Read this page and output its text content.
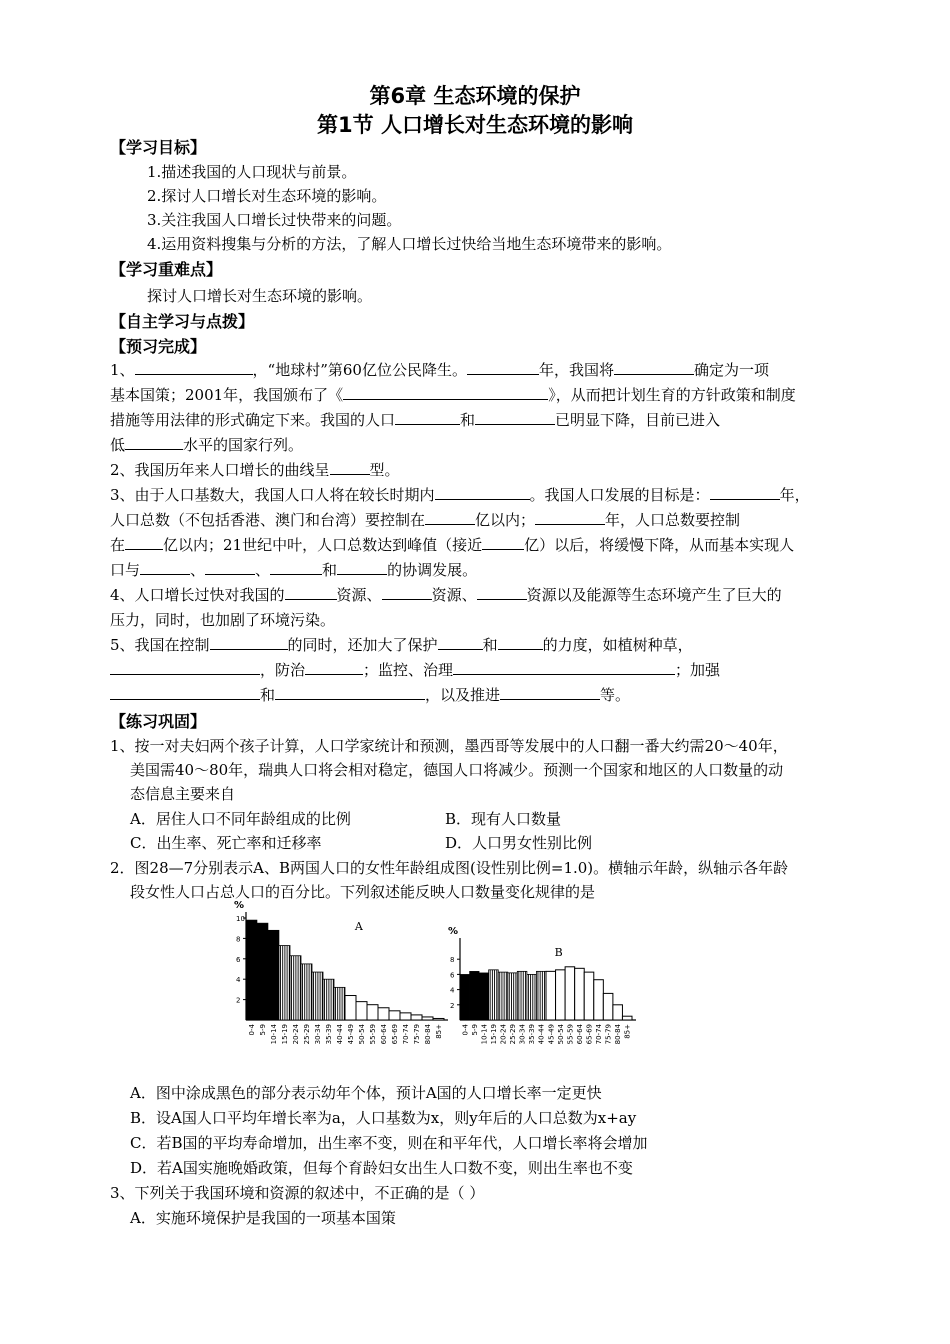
第6章 生态环境的保护
第1节 人口增长对生态环境的影响
【学习目标】
1.描述我国的人口现状与前景。
2.探讨人口增长对生态环境的影响。
3.关注我国人口增长过快带来的问题。
4.运用资料搜集与分析的方法，了解人口增长过快给当地生态环境带来的影响。
【学习重难点】
探讨人口增长对生态环境的影响。
【自主学习与点拨】
【预习完成】
1、	，“地球村”第60亿位公民降生。	年，我国将	确定为一项
基本国策；2001年，我国颁布了《	》，从而把计划生育的方针政策和制度
措施等用法律的形式确定下来。我国的人口	和	已明显下降，目前已进入
低	水平的国家行列。
2、我国历年来人口增长的曲线呈	型。
3、由于人口基数大，我国人口人将在较长时期内	。我国人口发展的目标是：	年，
人口总数（不包括香港、澳门和台湾）要控制在	亿以内；	年，人口总数要控制
在	亿以内；21世纪中叶，人口总数达到峰值（接近	亿）以后，将缓慢下降，从而基本实现人
口与	、	、	和	的协调发展。
4、人口增长过快对我国的	资源、	资源、	资源以及能源等生态环境产生了巨大的
压力，同时，也加剧了环境污染。
5、我国在控制	的同时，还加大了保护	和	的力度，如植树种草，
，防治	；监控、治理	；加强
和	，以及推进	等。
【练习巩固】
1、按一对夫妇两个孩子计算，人口学家统计和预测，墨西哥等发展中的人口翻一番大约需20～40年，
美国需40～80年，瑞典人口将会相对稳定，德国人口将减少。预测一个国家和地区的人口数量的动
态信息主要来自
A．居住人口不同年龄组成的比例	B．现有人口数量
C．出生率、死亡率和迁移率	D．人口男女性别比例
2．图28—7分别表示A、B两国人口的女性年龄组成图(设性别比例=1.0)。横轴示年龄，纵轴示各年龄
段女性人口占总人口的百分比。下列叙述能反映人口数量变化规律的是
%
10
8
6
4
2
0-4 5-9 10-14 15-19 20-24 25-29 30-34 35-39 40-44 45-49 50-54 55-59 60-64 65-69 70-74 75-79 80-84 85+
A	%
8
6
4
2
0-4 5-9 10-14 15-19 20-24 25-29 30-34 35-39 40-44 45-49 50-54 55-59 60-64 65-69 70-74 75-79 80-84 85+
B
A．图中涂成黑色的部分表示幼年个体，预计A国的人口增长率一定更快
B．设A国人口平均年增长率为a，人口基数为x，则y年后的人口总数为x+ay
C．若B国的平均寿命增加，出生率不变，则在和平年代，人口增长率将会增加
D．若A国实施晚婚政策，但每个育龄妇女出生人口数不变，则出生率也不变
3、下列关于我国环境和资源的叙述中，不正确的是（ ）
A．实施环境保护是我国的一项基本国策
